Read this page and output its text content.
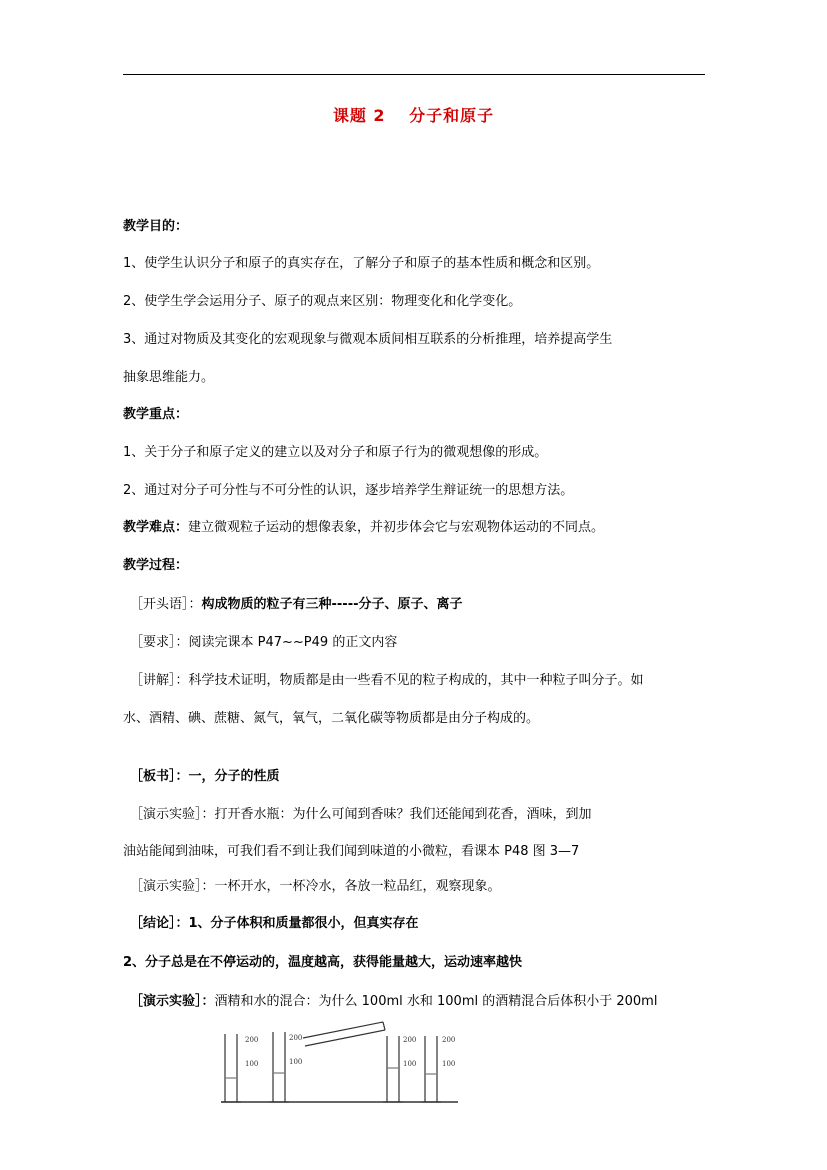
课题 2　 分子和原子
教学目的：
1、使学生认识分子和原子的真实存在，了解分子和原子的基本性质和概念和区别。
2、使学生学会运用分子、原子的观点来区别：物理变化和化学变化。
3、通过对物质及其变化的宏观现象与微观本质间相互联系的分析推理，培养提高学生
抽象思维能力。
教学重点：
1、关于分子和原子定义的建立以及对分子和原子行为的微观想像的形成。
2、通过对分子可分性与不可分性的认识，逐步培养学生辩证统一的思想方法。
教学难点：建立微观粒子运动的想像表象，并初步体会它与宏观物体运动的不同点。
教学过程：
［开头语］：构成物质的粒子有三种-----分子、原子、离子
［要求］：阅读完课本 P47~~P49 的正文内容
［讲解］：科学技术证明，物质都是由一些看不见的粒子构成的，其中一种粒子叫分子。如
水、酒精、碘、蔗糖、氮气，氧气，二氧化碳等物质都是由分子构成的。
［板书］：一，分子的性质
［演示实验］：打开香水瓶：为什么可闻到香味？我们还能闻到花香，酒味，到加
油站能闻到油味，可我们看不到让我们闻到味道的小微粒，看课本 P48 图 3—7
［演示实验］：一杯开水，一杯冷水，各放一粒品红，观察现象。
［结论］：1、分子体积和质量都很小，但真实存在
2、分子总是在不停运动的，温度越高，获得能量越大，运动速率越快
［演示实验］：酒精和水的混合：为什么 100ml 水和 100ml 的酒精混合后体积小于 200ml
200
100
200
100
200
100
200
100
